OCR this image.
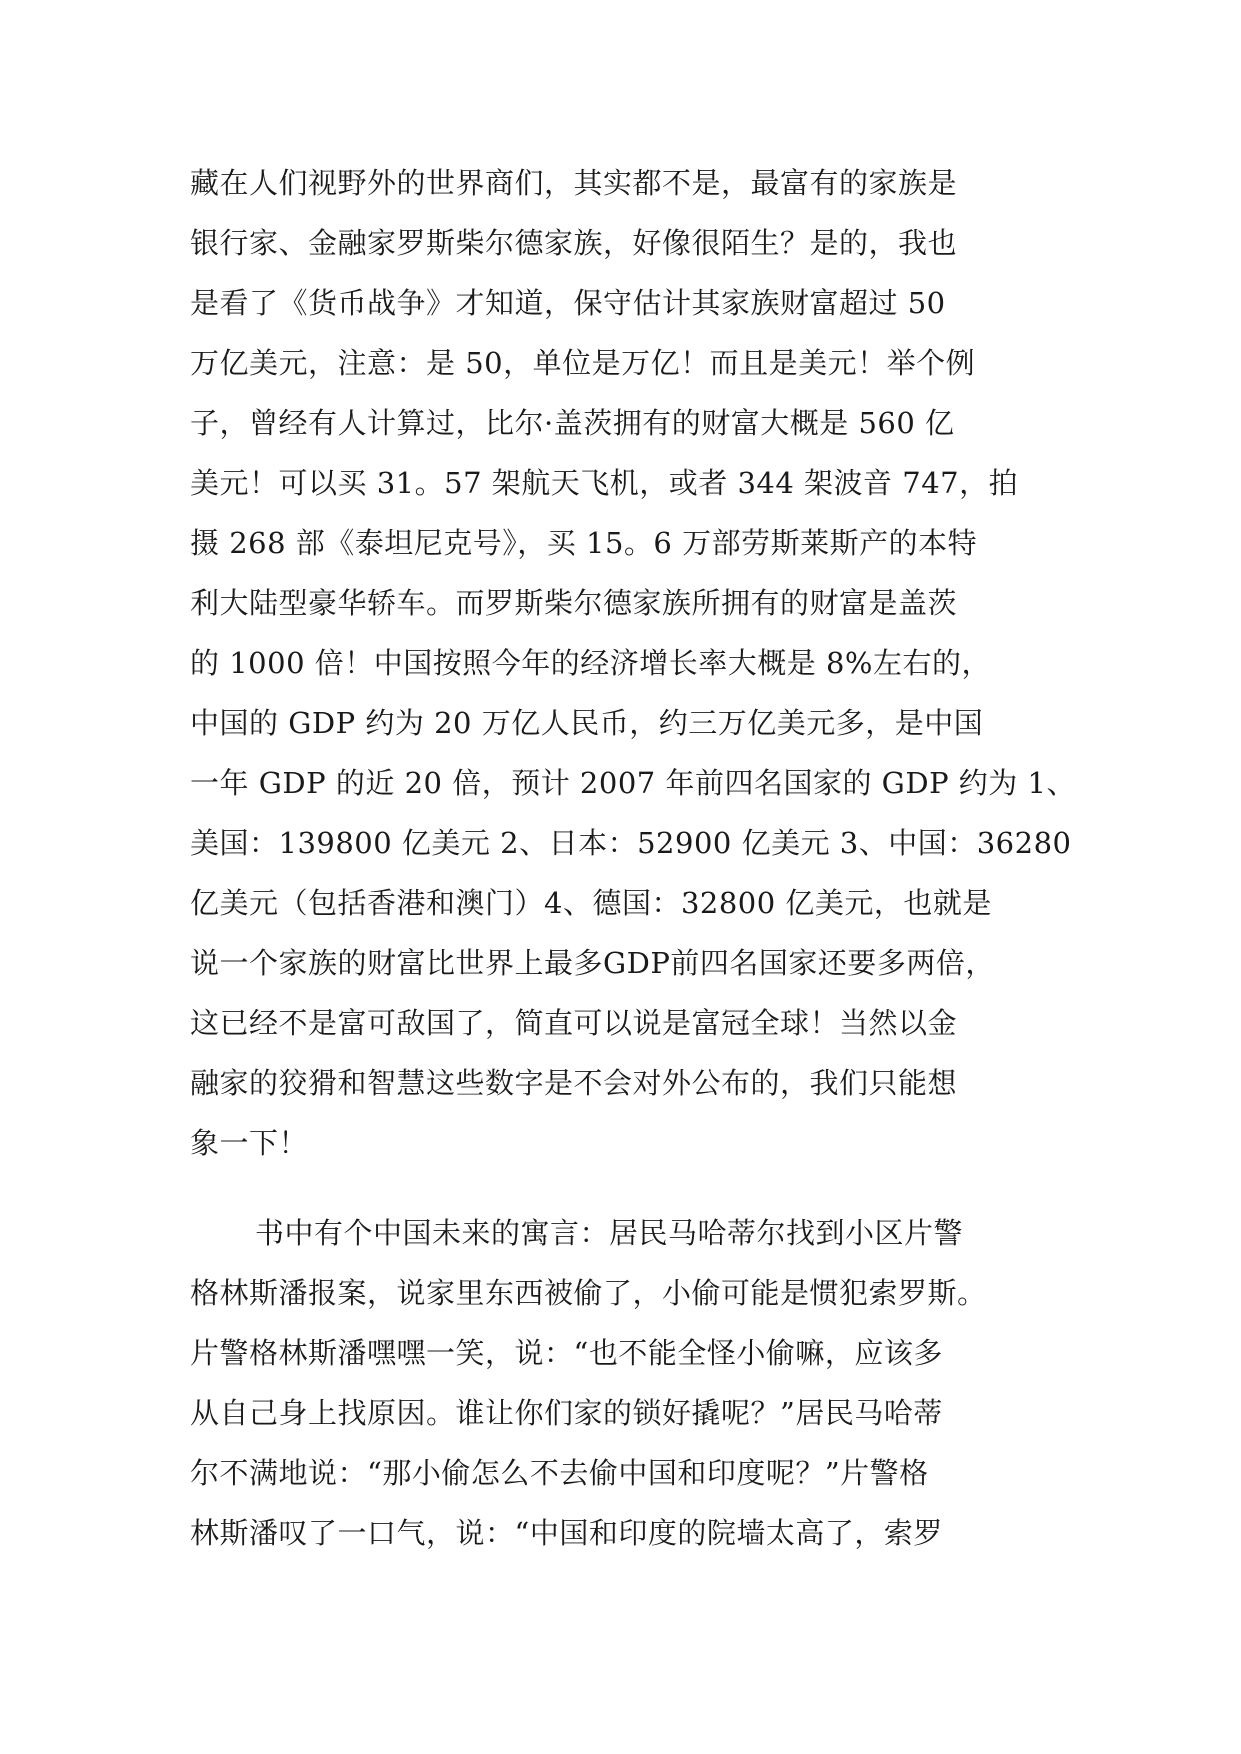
藏在人们视野外的世界商们，其实都不是，最富有的家族是
银行家、金融家罗斯柴尔德家族，好像很陌生？是的，我也
是看了《货币战争》才知道，保守估计其家族财富超过 50
万亿美元，注意：是 50，单位是万亿！而且是美元！举个例
子，曾经有人计算过，比尔·盖茨拥有的财富大概是 560 亿
美元！可以买 31。57 架航天飞机，或者 344 架波音 747，拍
摄 268 部《泰坦尼克号》，买 15。6 万部劳斯莱斯产的本特
利大陆型豪华轿车。而罗斯柴尔德家族所拥有的财富是盖茨
的 1000 倍！中国按照今年的经济增长率大概是 8%左右的，
中国的 GDP 约为 20 万亿人民币，约三万亿美元多，是中国
一年 GDP 的近 20 倍，预计 2007 年前四名国家的 GDP 约为 1、
美国：139800 亿美元 2、日本：52900 亿美元 3、中国：36280
亿美元（包括香港和澳门）4、德国：32800 亿美元，也就是
说一个家族的财富比世界上最多GDP前四名国家还要多两倍，
这已经不是富可敌国了，简直可以说是富冠全球！当然以金
融家的狡猾和智慧这些数字是不会对外公布的，我们只能想
象一下！
书中有个中国未来的寓言：居民马哈蒂尔找到小区片警
格林斯潘报案，说家里东西被偷了，小偷可能是惯犯索罗斯。
片警格林斯潘嘿嘿一笑，说：“也不能全怪小偷嘛，应该多
从自己身上找原因。谁让你们家的锁好撬呢？”居民马哈蒂
尔不满地说：“那小偷怎么不去偷中国和印度呢？”片警格
林斯潘叹了一口气，说：“中国和印度的院墙太高了，索罗
